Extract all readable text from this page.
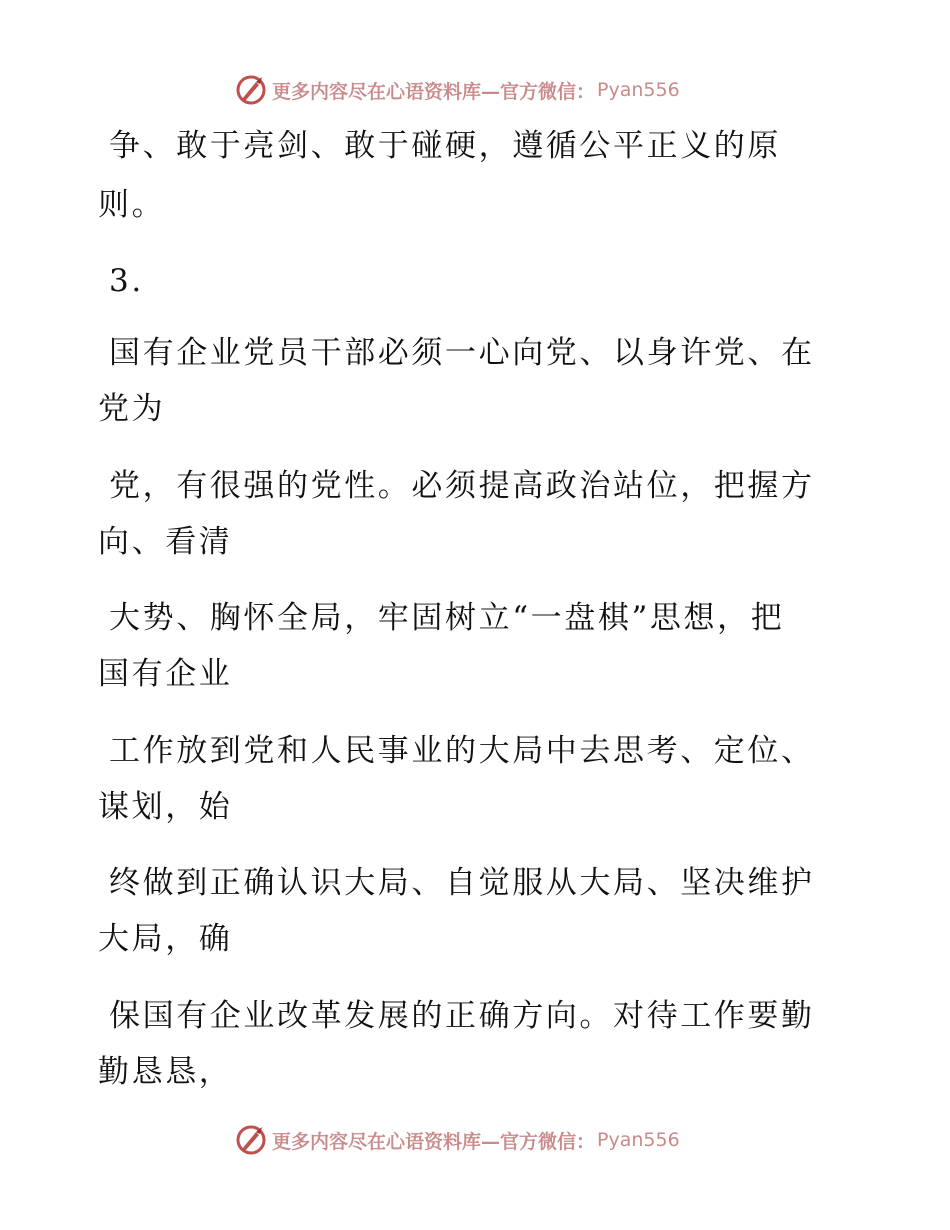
更多内容尽在心语资料库—官方微信： Pyan556
争、敢于亮剑、敢于碰硬，遵循公平正义的原
则。
3.
国有企业党员干部必须一心向党、以身许党、在
党为
党，有很强的党性。必须提高政治站位，把握方
向、看清
大势、胸怀全局，牢固树立“一盘棋”思想，把
国有企业
工作放到党和人民事业的大局中去思考、定位、
谋划，始
终做到正确认识大局、自觉服从大局、坚决维护
大局，确
保国有企业改革发展的正确方向。对待工作要勤
勤恳恳，
更多内容尽在心语资料库—官方微信： Pyan556
